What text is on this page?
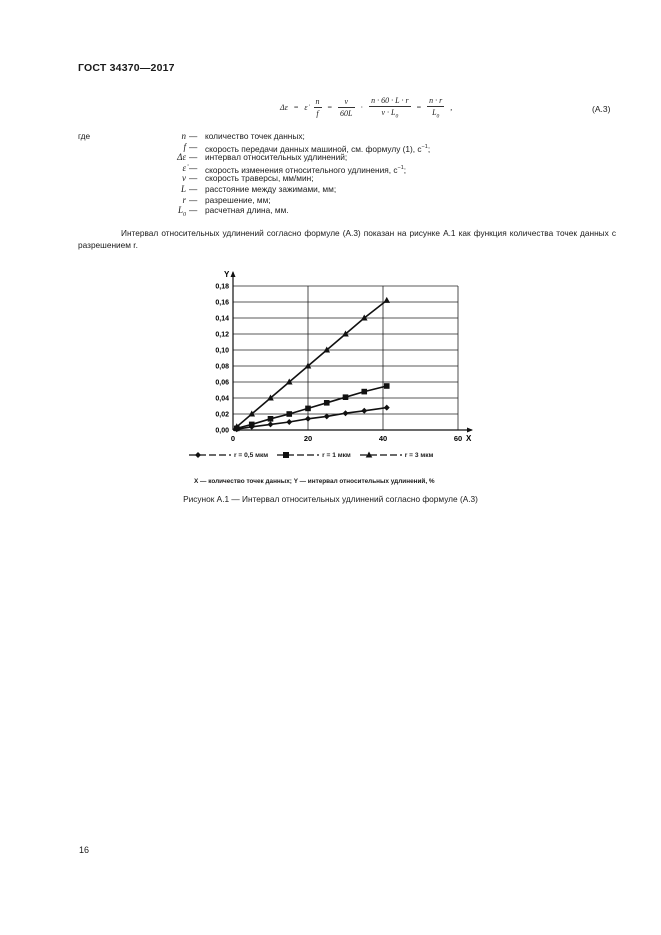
ГОСТ 34370—2017
Δε = ε̇ $\frac{n}{f} = \frac{v}{60L} \cdot \frac{n \cdot 60 \cdot L \cdot r}{v \cdot L_0} = \frac{n \cdot r}{L_0}$ ,	(А.3)
где	n — количество точек данных;
f — скорость передачи данных машиной, см. формулу (1), $с^{-1}$;
Δε — интервал относительных удлинений;
ε̇ — скорость изменения относительного удлинения, $с^{-1}$;
v — скорость траверсы, мм/мин;
L — расстояние между зажимами, мм;
r — разрешение, мм;
$L_0$ — расчетная длина, мм.
Интервал относительных удлинений согласно формуле (А.3) показан на рисунке А.1 как функция количества точек данных с разрешением r.
0,00
0,02
0,04
0,06
0,08
0,10
0,12
0,14
0,16
0,18
0	20	40	60
Y
X
r = 0,5 мкм	r = 1 мкм	r = 3 мкм
X — количество точек данных; Y — интервал относительных удлинений, %
Рисунок А.1 — Интервал относительных удлинений согласно формуле (А.3)
16
